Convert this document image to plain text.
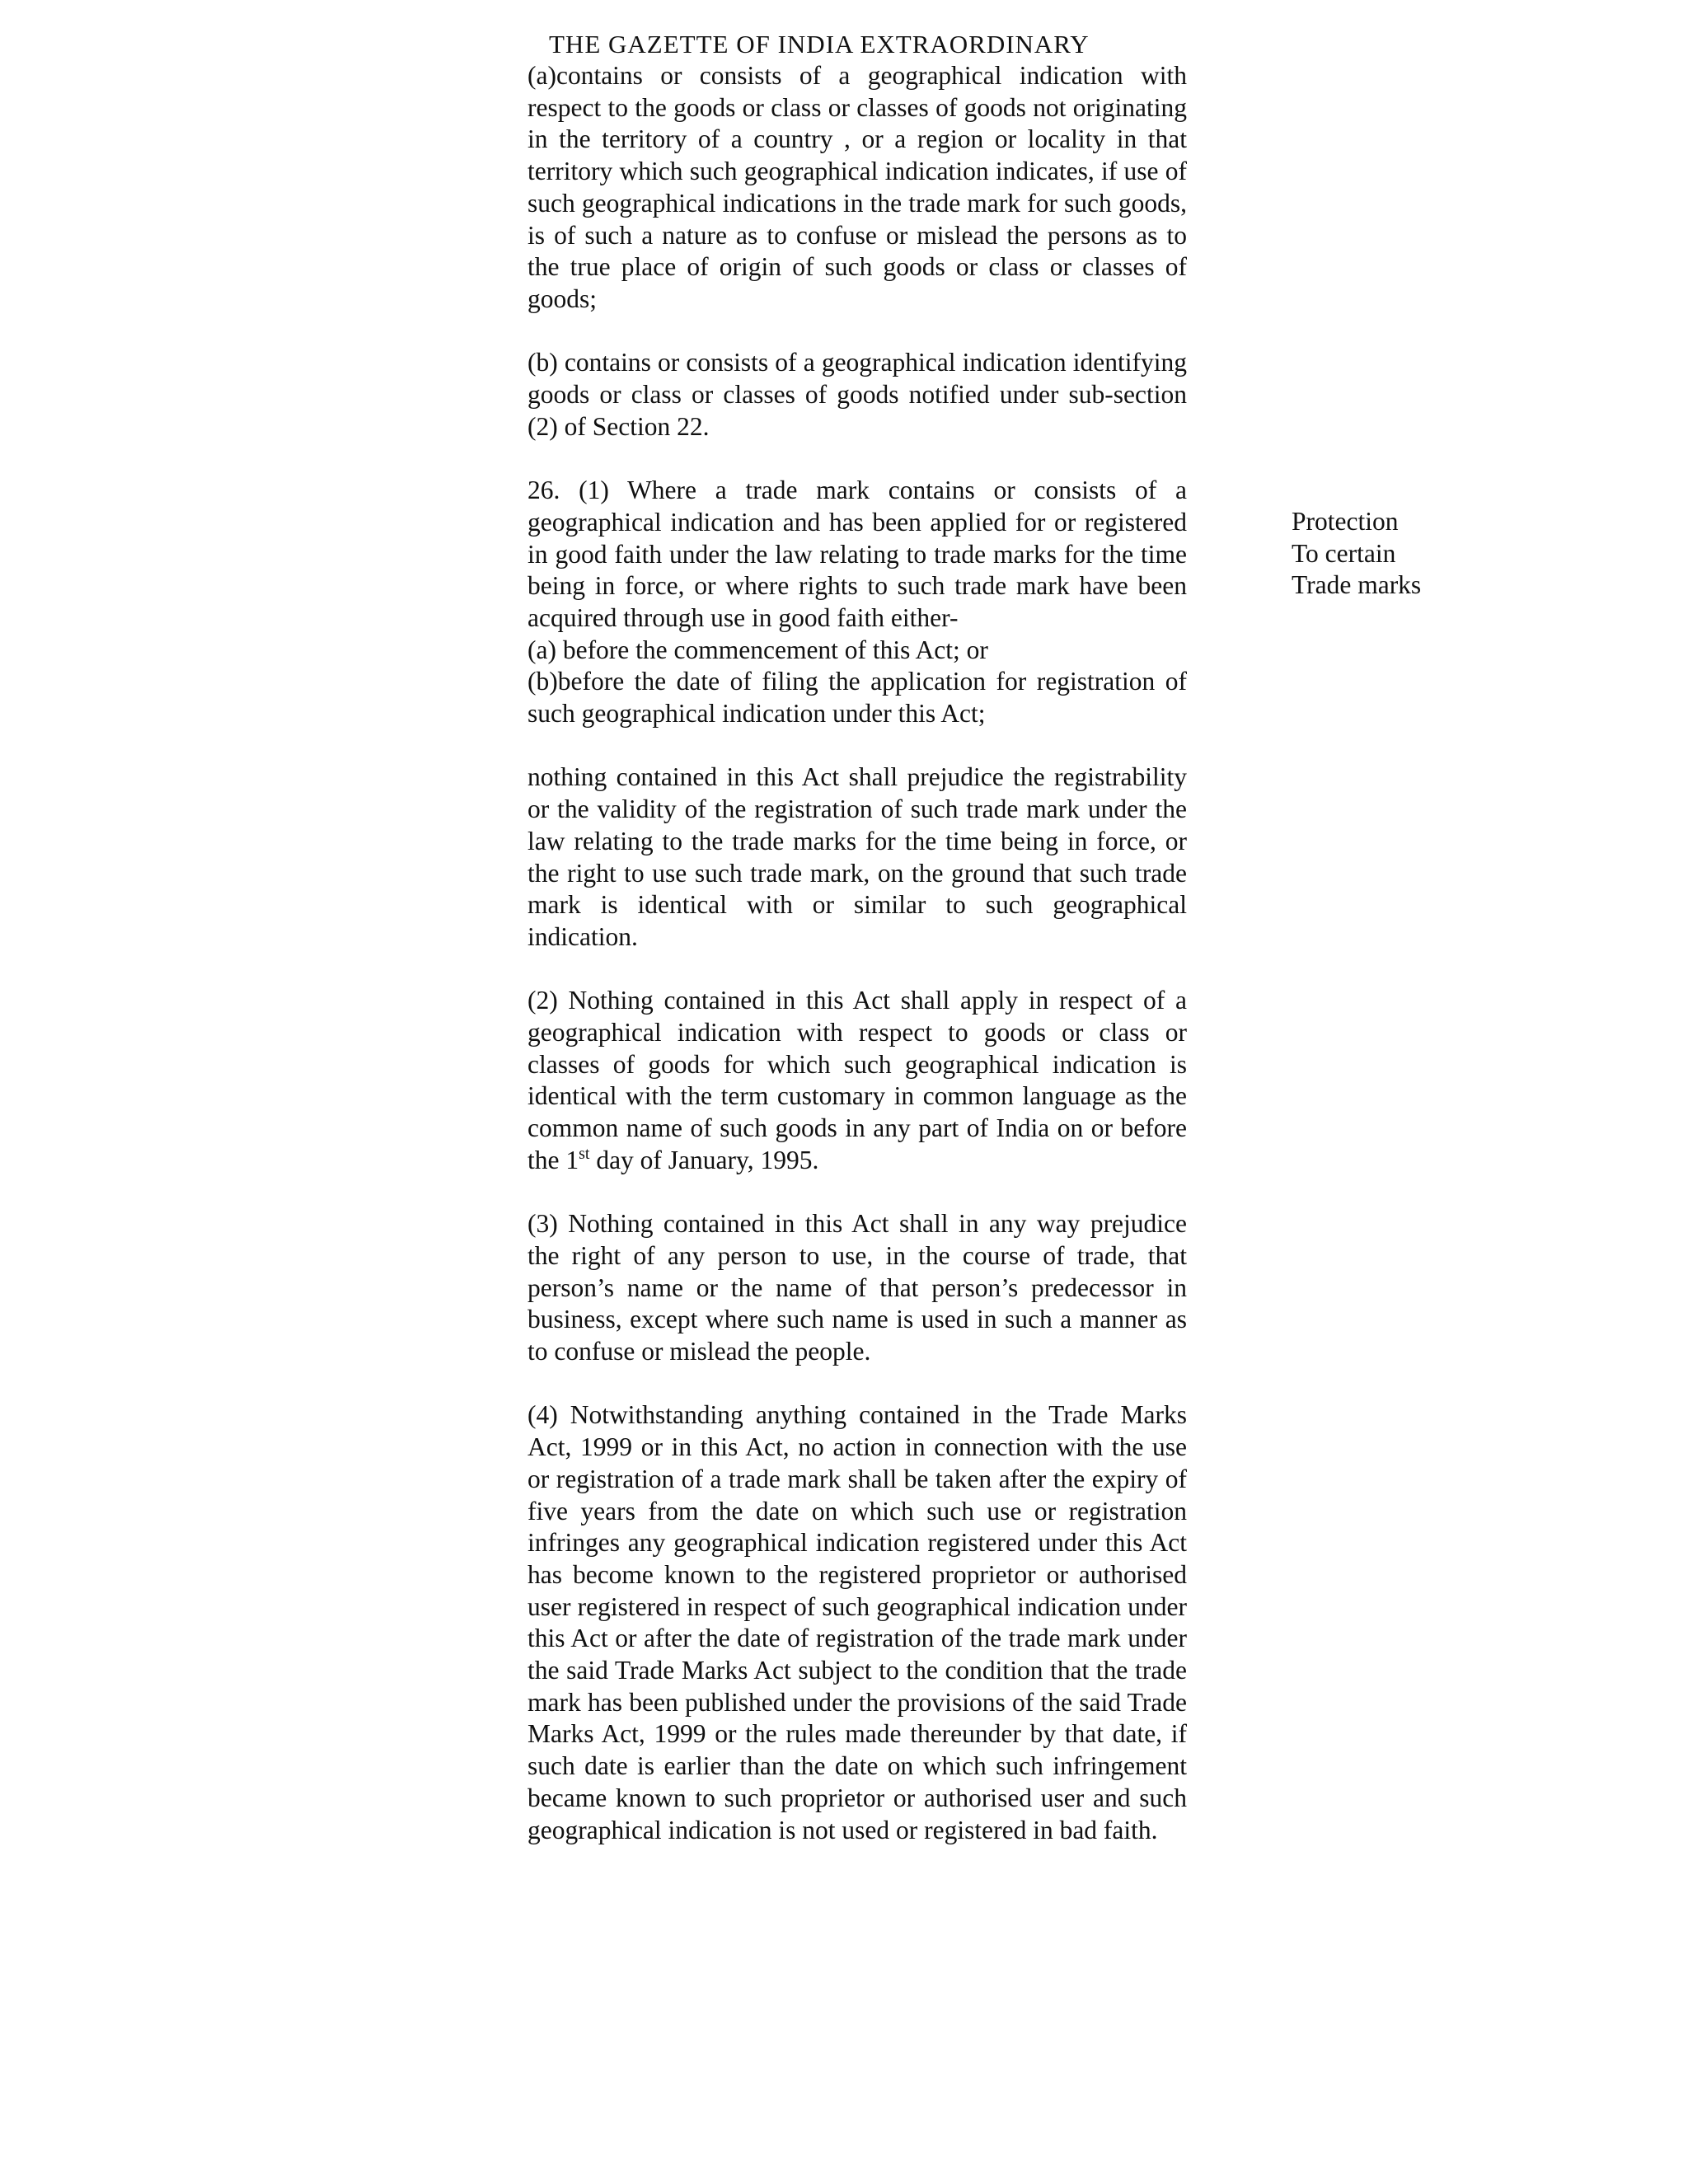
THE GAZETTE OF INDIA EXTRAORDINARY

(a)contains or consists of a geographical indication with respect to the goods or class or classes of goods not originating in the territory of a country , or a region or locality in that territory which such geographical indication indicates, if use of such geographical indications in the trade mark for such goods, is of such a nature as to confuse or mislead the persons as to the true place of origin of such goods or class or classes of goods;

(b) contains or consists of a geographical indication identifying goods or class or classes of goods notified under sub-section (2) of Section 22.

26. (1) Where a trade mark contains or consists of a geographical indication and has been applied for or registered in good faith under the law relating to trade marks for the time being in force, or where rights to such trade mark have been acquired through use in good faith either-

(a) before the commencement of this Act; or

(b)before the date of filing the application for registration of such geographical indication under this Act;

nothing contained in this Act shall prejudice the registrability or the validity of the registration of such trade mark under the law relating to the trade marks for the time being in force, or the right to use such trade mark, on the ground that such trade mark is identical with or similar to such geographical indication.

(2) Nothing contained in this Act shall apply in respect of a geographical indication with respect to goods or class or classes of goods for which such geographical indication is identical with the term customary in common language as the common name of such goods in any part of India on or before the 1st day of January, 1995.

(3) Nothing contained in this Act shall in any way prejudice the right of any person to use, in the course of trade, that person’s name or the name of that person’s predecessor in business, except where such name is used in such a manner as to confuse or mislead the people.

(4) Notwithstanding anything contained in the Trade Marks Act, 1999 or in this Act, no action in connection with the use or registration of a trade mark shall be taken after the expiry of five years from the date on which such use or registration infringes any geographical indication registered under this Act has become known to the registered proprietor or authorised user registered in respect of such geographical indication under this Act or after the date of registration of the trade mark under the said Trade Marks Act subject to the condition that the trade mark has been published under the provisions of the said Trade Marks Act, 1999 or the rules made thereunder by that date, if such date is earlier than the date on which such infringement became known to such proprietor or authorised user and such geographical indication is not used or registered in bad faith.

Protection
To certain
Trade marks
